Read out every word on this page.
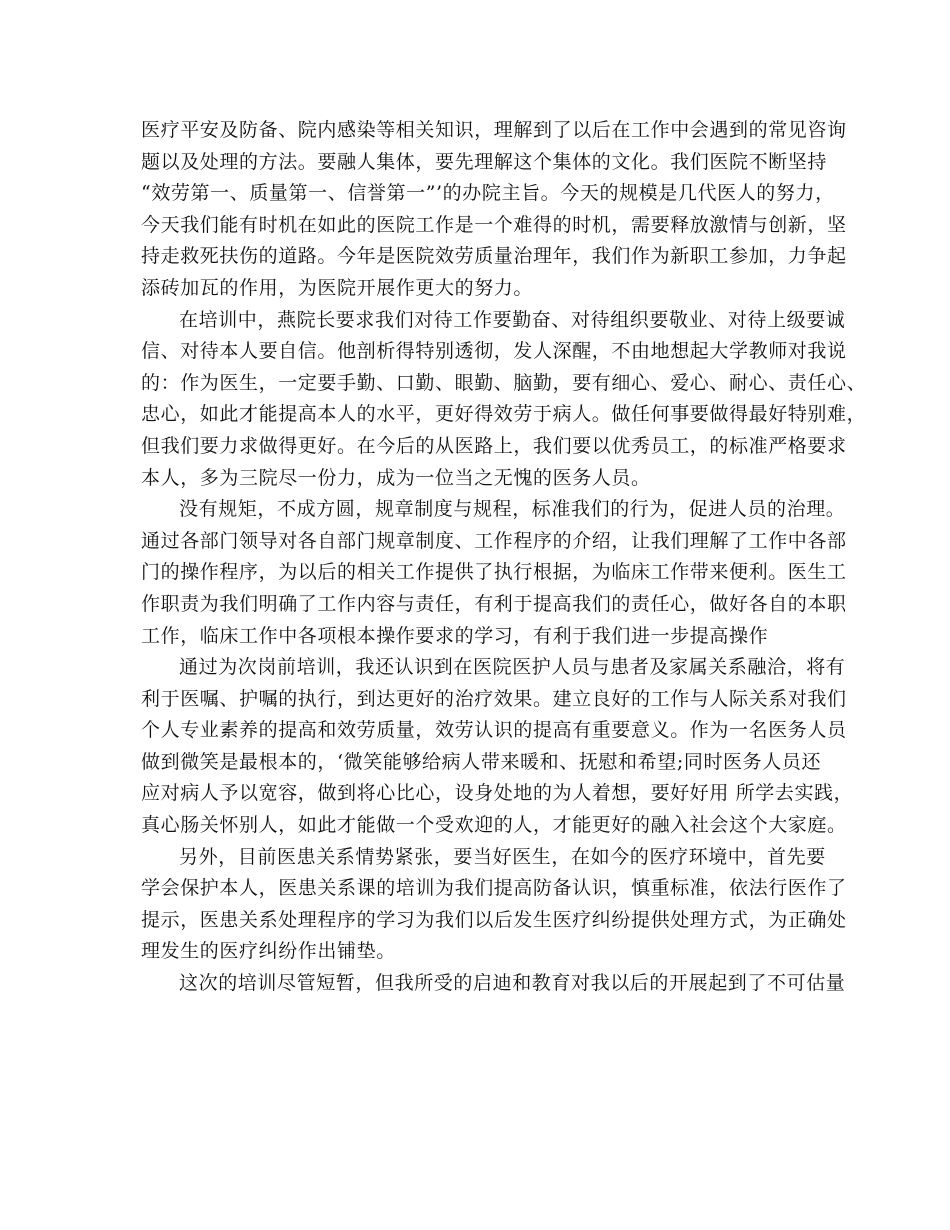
医疗平安及防备、院内感染等相关知识，理解到了以后在工作中会遇到的常见咨询
题以及处理的方法。要融人集体，要先理解这个集体的文化。我们医院不断坚持
“效劳第一、质量第一、信誉第一”’的办院主旨。今天的规模是几代医人的努力，
今天我们能有时机在如此的医院工作是一个难得的时机，需要释放激情与创新，坚
持走救死扶伤的道路。今年是医院效劳质量治理年，我们作为新职工参加，力争起
添砖加瓦的作用，为医院开展作更大的努力。

在培训中，燕院长要求我们对待工作要勤奋、对待组织要敬业、对待上级要诚
信、对待本人要自信。他剖析得特别透彻，发人深醒，不由地想起大学教师对我说
的：作为医生，一定要手勤、口勤、眼勤、脑勤，要有细心、爱心、耐心、责任心、
忠心，如此才能提高本人的水平，更好得效劳于病人。做任何事要做得最好特别难，
但我们要力求做得更好。在今后的从医路上，我们要以优秀员工，的标准严格要求
本人，多为三院尽一份力，成为一位当之无愧的医务人员。

没有规矩，不成方圆，规章制度与规程，标准我们的行为，促进人员的治理。
通过各部门领导对各自部门规章制度、工作程序的介绍，让我们理解了工作中各部
门的操作程序，为以后的相关工作提供了执行根据，为临床工作带来便利。医生工
作职责为我们明确了工作内容与责任，有利于提高我们的责任心，做好各自的本职
工作，临床工作中各项根本操作要求的学习，有利于我们进一步提高操作

通过为次岗前培训，我还认识到在医院医护人员与患者及家属关系融洽，将有
利于医嘱、护嘱的执行，到达更好的治疗效果。建立良好的工作与人际关系对我们
个人专业素养的提高和效劳质量，效劳认识的提高有重要意义。作为一名医务人员
做到微笑是最根本的，‘微笑能够给病人带来暖和、抚慰和希望;同时医务人员还
应对病人予以宽容，做到将心比心，设身处地的为人着想，要好好用 所学去实践，
真心肠关怀别人，如此才能做一个受欢迎的人，才能更好的融入社会这个大家庭。

另外，目前医患关系情势紧张，要当好医生，在如今的医疗环境中，首先要
学会保护本人，医患关系课的培训为我们提高防备认识，慎重标准，依法行医作了
提示，医患关系处理程序的学习为我们以后发生医疗纠纷提供处理方式，为正确处
理发生的医疗纠纷作出铺垫。

这次的培训尽管短暂，但我所受的启迪和教育对我以后的开展起到了不可估量
